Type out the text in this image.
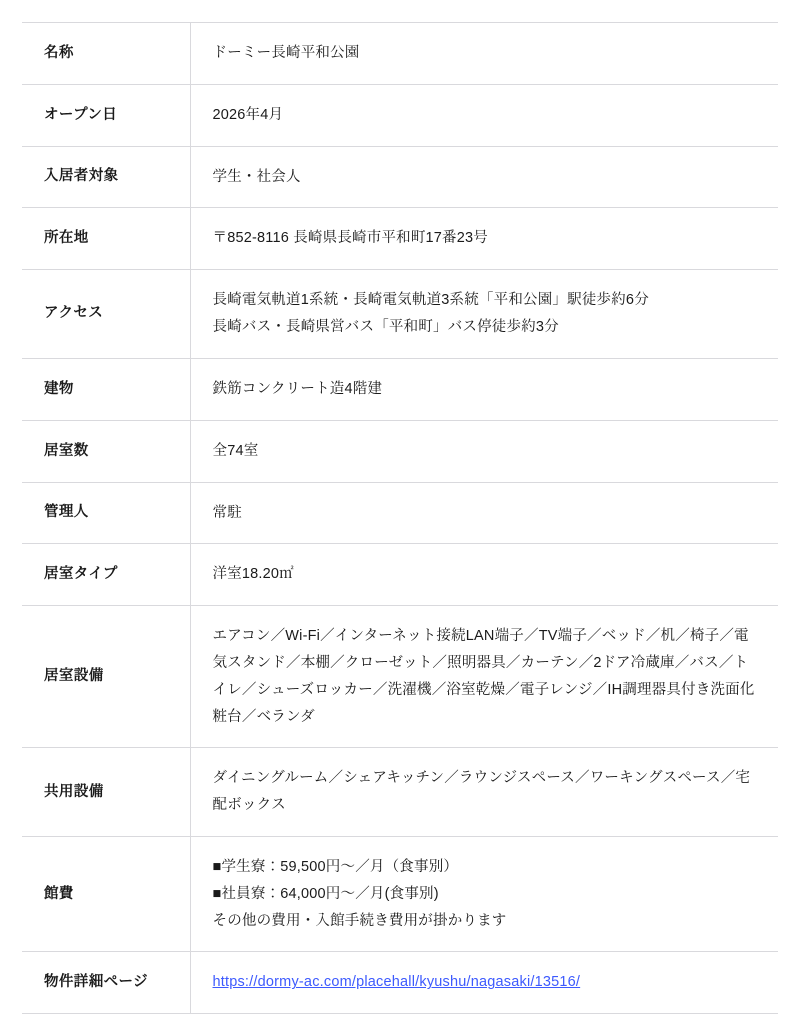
名称	ドーミー長崎平和公園

オープン日	2026年4月

入居者対象	学生・社会人

所在地	〒852-8116 長崎県長崎市平和町17番23号

アクセス	長崎電気軌道1系統・長崎電気軌道3系統「平和公園」駅徒歩約6分
長崎バス・長崎県営バス「平和町」バス停徒歩約3分

建物	鉄筋コンクリート造4階建

居室数	全74室

管理人	常駐

居室タイプ	洋室18.20㎡

居室設備	エアコン／Wi-Fi／インターネット接続LAN端子／TV端子／ベッド／机／椅子／電気スタンド／本棚／クローゼット／照明器具／カーテン／2ドア冷蔵庫／バス／トイレ／シューズロッカー／洗濯機／浴室乾燥／電子レンジ／IH調理器具付き洗面化粧台／ベランダ

共用設備	ダイニングルーム／シェアキッチン／ラウンジスペース／ワーキングスペース／宅配ボックス

館費	■学生寮：59,500円～／月（食事別）
■社員寮：64,000円～／月(食事別)
その他の費用・入館手続き費用が掛かります

物件詳細ページ	https://dormy-ac.com/placehall/kyushu/nagasaki/13516/
